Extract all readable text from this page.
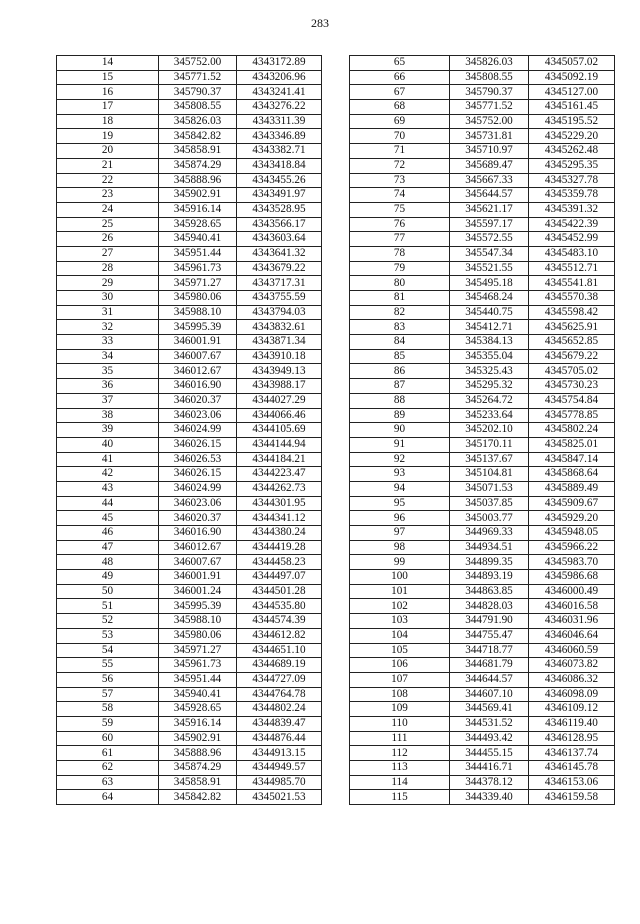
283
14	345752.00	4343172.89
15	345771.52	4343206.96
16	345790.37	4343241.41
17	345808.55	4343276.22
18	345826.03	4343311.39
19	345842.82	4343346.89
20	345858.91	4343382.71
21	345874.29	4343418.84
22	345888.96	4343455.26
23	345902.91	4343491.97
24	345916.14	4343528.95
25	345928.65	4343566.17
26	345940.41	4343603.64
27	345951.44	4343641.32
28	345961.73	4343679.22
29	345971.27	4343717.31
30	345980.06	4343755.59
31	345988.10	4343794.03
32	345995.39	4343832.61
33	346001.91	4343871.34
34	346007.67	4343910.18
35	346012.67	4343949.13
36	346016.90	4343988.17
37	346020.37	4344027.29
38	346023.06	4344066.46
39	346024.99	4344105.69
40	346026.15	4344144.94
41	346026.53	4344184.21
42	346026.15	4344223.47
43	346024.99	4344262.73
44	346023.06	4344301.95
45	346020.37	4344341.12
46	346016.90	4344380.24
47	346012.67	4344419.28
48	346007.67	4344458.23
49	346001.91	4344497.07
50	346001.24	4344501.28
51	345995.39	4344535.80
52	345988.10	4344574.39
53	345980.06	4344612.82
54	345971.27	4344651.10
55	345961.73	4344689.19
56	345951.44	4344727.09
57	345940.41	4344764.78
58	345928.65	4344802.24
59	345916.14	4344839.47
60	345902.91	4344876.44
61	345888.96	4344913.15
62	345874.29	4344949.57
63	345858.91	4344985.70
64	345842.82	4345021.53
65	345826.03	4345057.02
66	345808.55	4345092.19
67	345790.37	4345127.00
68	345771.52	4345161.45
69	345752.00	4345195.52
70	345731.81	4345229.20
71	345710.97	4345262.48
72	345689.47	4345295.35
73	345667.33	4345327.78
74	345644.57	4345359.78
75	345621.17	4345391.32
76	345597.17	4345422.39
77	345572.55	4345452.99
78	345547.34	4345483.10
79	345521.55	4345512.71
80	345495.18	4345541.81
81	345468.24	4345570.38
82	345440.75	4345598.42
83	345412.71	4345625.91
84	345384.13	4345652.85
85	345355.04	4345679.22
86	345325.43	4345705.02
87	345295.32	4345730.23
88	345264.72	4345754.84
89	345233.64	4345778.85
90	345202.10	4345802.24
91	345170.11	4345825.01
92	345137.67	4345847.14
93	345104.81	4345868.64
94	345071.53	4345889.49
95	345037.85	4345909.67
96	345003.77	4345929.20
97	344969.33	4345948.05
98	344934.51	4345966.22
99	344899.35	4345983.70
100	344893.19	4345986.68
101	344863.85	4346000.49
102	344828.03	4346016.58
103	344791.90	4346031.96
104	344755.47	4346046.64
105	344718.77	4346060.59
106	344681.79	4346073.82
107	344644.57	4346086.32
108	344607.10	4346098.09
109	344569.41	4346109.12
110	344531.52	4346119.40
111	344493.42	4346128.95
112	344455.15	4346137.74
113	344416.71	4346145.78
114	344378.12	4346153.06
115	344339.40	4346159.58
